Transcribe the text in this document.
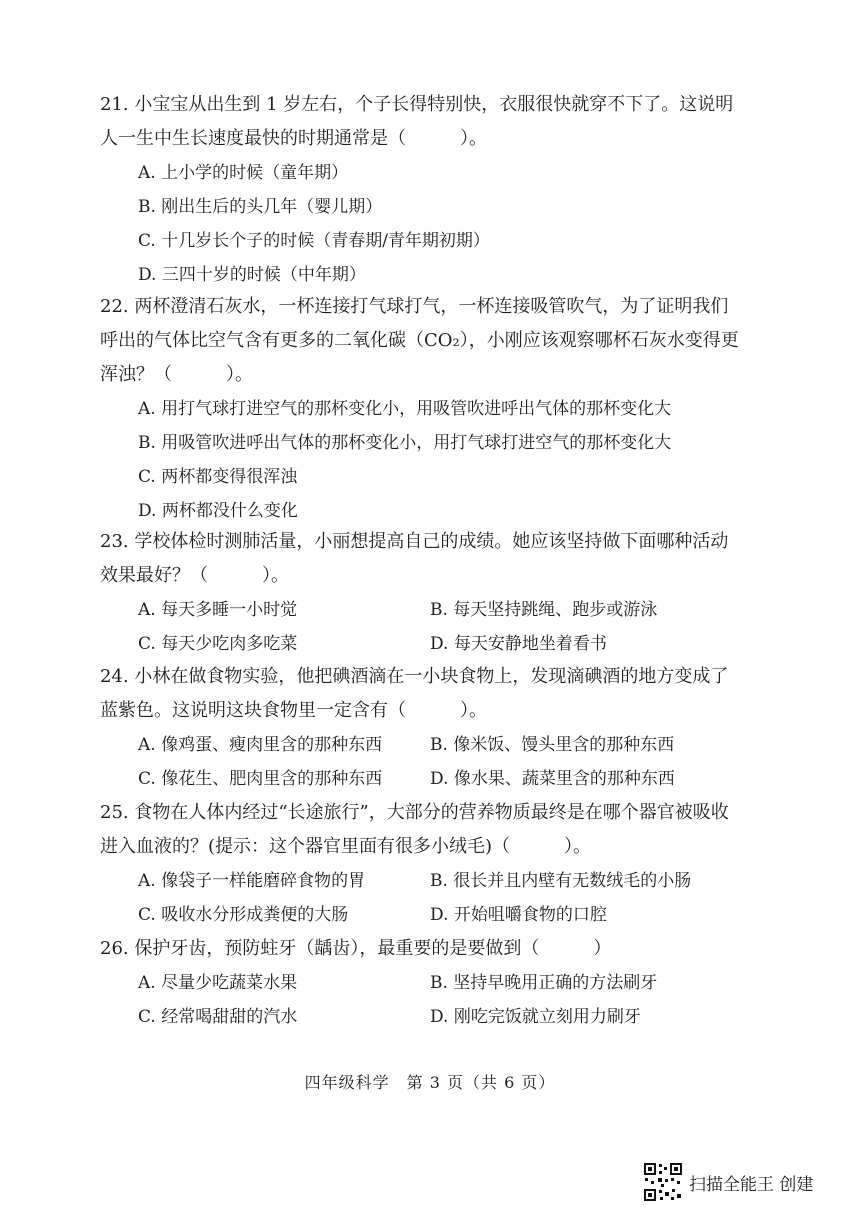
21. 小宝宝从出生到 1 岁左右，个子长得特别快，衣服很快就穿不下了。这说明人一生中生长速度最快的时期通常是（　　　）。
A. 上小学的时候（童年期）
B. 刚出生后的头几年（婴儿期）
C. 十几岁长个子的时候（青春期/青年期初期）
D. 三四十岁的时候（中年期）
22. 两杯澄清石灰水，一杯连接打气球打气，一杯连接吸管吹气，为了证明我们呼出的气体比空气含有更多的二氧化碳（CO₂），小刚应该观察哪杯石灰水变得更浑浊？（　　　）。
A. 用打气球打进空气的那杯变化小，用吸管吹进呼出气体的那杯变化大
B. 用吸管吹进呼出气体的那杯变化小，用打气球打进空气的那杯变化大
C. 两杯都变得很浑浊
D. 两杯都没什么变化
23. 学校体检时测肺活量，小丽想提高自己的成绩。她应该坚持做下面哪种活动效果最好？（　　　）。
A. 每天多睡一小时觉	B. 每天坚持跳绳、跑步或游泳
C. 每天少吃肉多吃菜	D. 每天安静地坐着看书
24. 小林在做食物实验，他把碘酒滴在一小块食物上，发现滴碘酒的地方变成了蓝紫色。这说明这块食物里一定含有（　　　）。
A. 像鸡蛋、瘦肉里含的那种东西	B. 像米饭、馒头里含的那种东西
C. 像花生、肥肉里含的那种东西	D. 像水果、蔬菜里含的那种东西
25. 食物在人体内经过“长途旅行”，大部分的营养物质最终是在哪个器官被吸收进入血液的？(提示：这个器官里面有很多小绒毛)（　　　）。
A. 像袋子一样能磨碎食物的胃	B. 很长并且内壁有无数绒毛的小肠
C. 吸收水分形成粪便的大肠	D. 开始咀嚼食物的口腔
26. 保护牙齿，预防蛀牙（龋齿），最重要的是要做到（　　　）
A. 尽量少吃蔬菜水果	B. 坚持早晚用正确的方法刷牙
C. 经常喝甜甜的汽水	D. 刚吃完饭就立刻用力刷牙
四年级科学　第 3 页（共 6 页）
扫描全能王 创建
